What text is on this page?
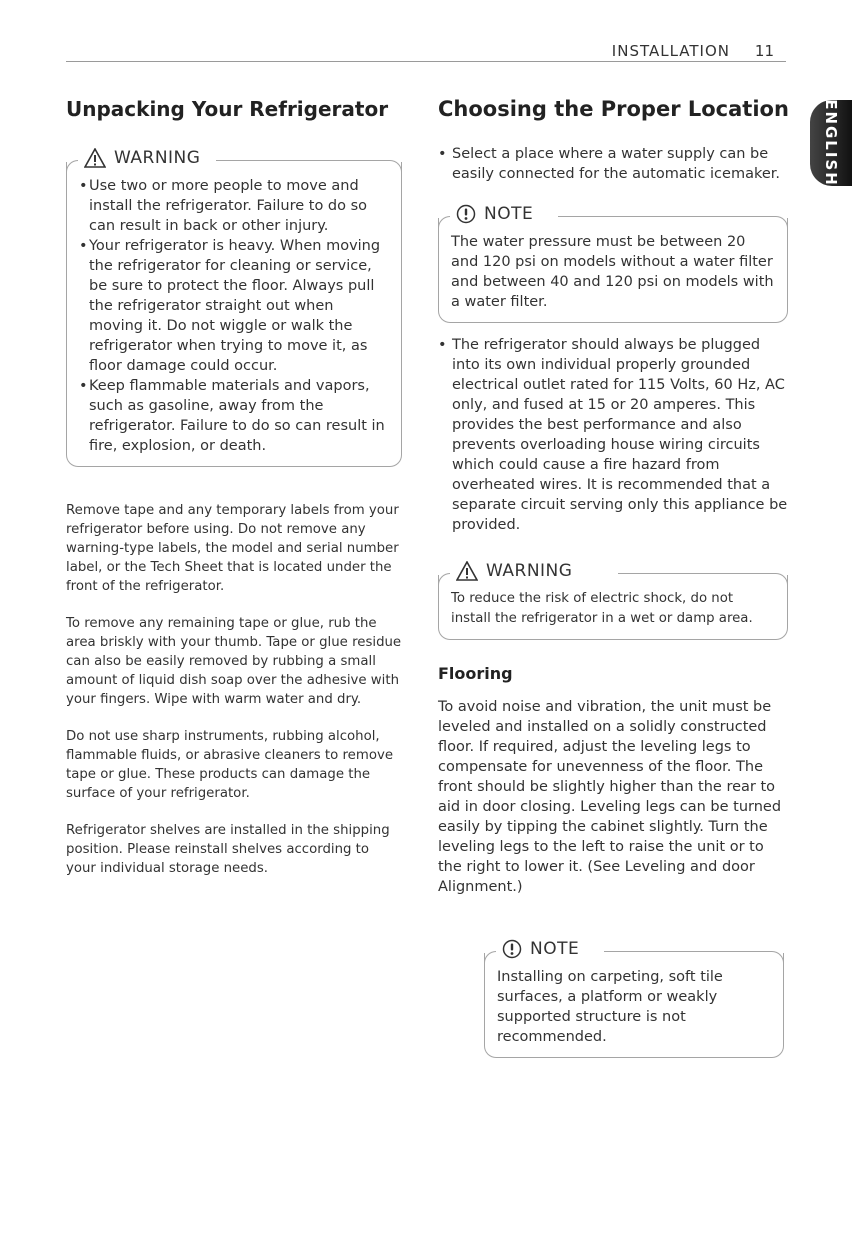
INSTALLATION 11
ENGLISH
Unpacking Your Refrigerator
WARNING
• Use two or more people to move and install the refrigerator. Failure to do so can result in back or other injury.
• Your refrigerator is heavy. When moving the refrigerator for cleaning or service, be sure to protect the floor. Always pull the refrigerator straight out when moving it. Do not wiggle or walk the refrigerator when trying to move it, as floor damage could occur.
• Keep flammable materials and vapors, such as gasoline, away from the refrigerator. Failure to do so can result in fire, explosion, or death.

Remove tape and any temporary labels from your refrigerator before using. Do not remove any warning-type labels, the model and serial number label, or the Tech Sheet that is located under the front of the refrigerator.

To remove any remaining tape or glue, rub the area briskly with your thumb. Tape or glue residue can also be easily removed by rubbing a small amount of liquid dish soap over the adhesive with your fingers. Wipe with warm water and dry.

Do not use sharp instruments, rubbing alcohol, flammable fluids, or abrasive cleaners to remove tape or glue. These products can damage the surface of your refrigerator.

Refrigerator shelves are installed in the shipping position. Please reinstall shelves according to your individual storage needs.

Choosing the Proper Location
• Select a place where a water supply can be easily connected for the automatic icemaker.
NOTE

The water pressure must be between 20 and 120 psi on models without a water filter and between 40 and 120 psi on models with a water filter.

• The refrigerator should always be plugged into its own individual properly grounded electrical outlet rated for 115 Volts, 60 Hz, AC only, and fused at 15 or 20 amperes. This provides the best performance and also prevents overloading house wiring circuits which could cause a fire hazard from overheated wires. It is recommended that a separate circuit serving only this appliance be provided.
WARNING

To reduce the risk of electric shock, do not install the refrigerator in a wet or damp area.

Flooring

To avoid noise and vibration, the unit must be leveled and installed on a solidly constructed floor. If required, adjust the leveling legs to compensate for unevenness of the floor. The front should be slightly higher than the rear to aid in door closing. Leveling legs can be turned easily by tipping the cabinet slightly. Turn the leveling legs to the left to raise the unit or to the right to lower it. (See Leveling and door Alignment.)

NOTE

Installing on carpeting, soft tile surfaces, a platform or weakly supported structure is not recommended.
